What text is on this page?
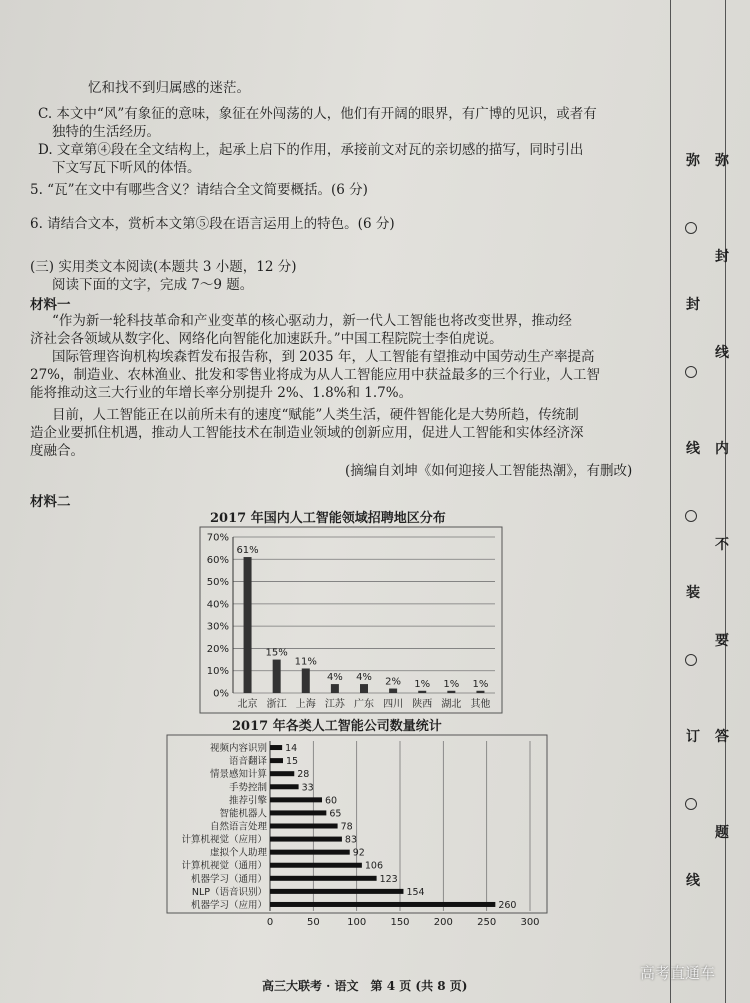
忆和找不到归属感的迷茫。
C. 本文中“风”有象征的意味，象征在外闯荡的人，他们有开阔的眼界，有广博的见识，或者有
独特的生活经历。
D. 文章第④段在全文结构上，起承上启下的作用，承接前文对瓦的亲切感的描写，同时引出
下文写瓦下听风的体悟。
5. “瓦”在文中有哪些含义？请结合全文简要概括。(6 分)
6. 请结合文本，赏析本文第⑤段在语言运用上的特色。(6 分)
(三) 实用类文本阅读(本题共 3 小题，12 分)
阅读下面的文字，完成 7～9 题。
材料一
“作为新一轮科技革命和产业变革的核心驱动力，新一代人工智能也将改变世界，推动经
济社会各领域从数字化、网络化向智能化加速跃升。”中国工程院院士李伯虎说。
国际管理咨询机构埃森哲发布报告称，到 2035 年，人工智能有望推动中国劳动生产率提高
27%，制造业、农林渔业、批发和零售业将成为从人工智能应用中获益最多的三个行业，人工智
能将推动这三大行业的年增长率分别提升 2%、1.8%和 1.7%。
目前，人工智能正在以前所未有的速度“赋能”人类生活，硬件智能化是大势所趋，传统制
造企业要抓住机遇，推动人工智能技术在制造业领域的创新应用，促进人工智能和实体经济深
度融合。
(摘编自刘坤《如何迎接人工智能热潮》，有删改)
材料二
2017 年国内人工智能领域招聘地区分布
0%
10%
20%
30%
40%
50%
60%
70%
61%
北京
15%
浙江
11%
上海
4%
江苏
4%
广东
2%
四川
1%
陕西
1%
湖北
1%
其他
2017 年各类人工智能公司数量统计
0	50	100 150 200 250 300
14
视频内容识别
15
语音翻译
28
情景感知计算
33
手势控制
60
推荐引擎
65
智能机器人
78
自然语言处理
83
计算机视觉（应用）
92
虚拟个人助理
106
计算机视觉（通用）
123
机器学习（通用）
154
NLP（语音识别）
260
机器学习（应用）
高三大联考 · 语文　第 4 页 (共 8 页)
高考直通车
弥
封
线
内
不
要
答
题
弥
封
线
装
订
线
